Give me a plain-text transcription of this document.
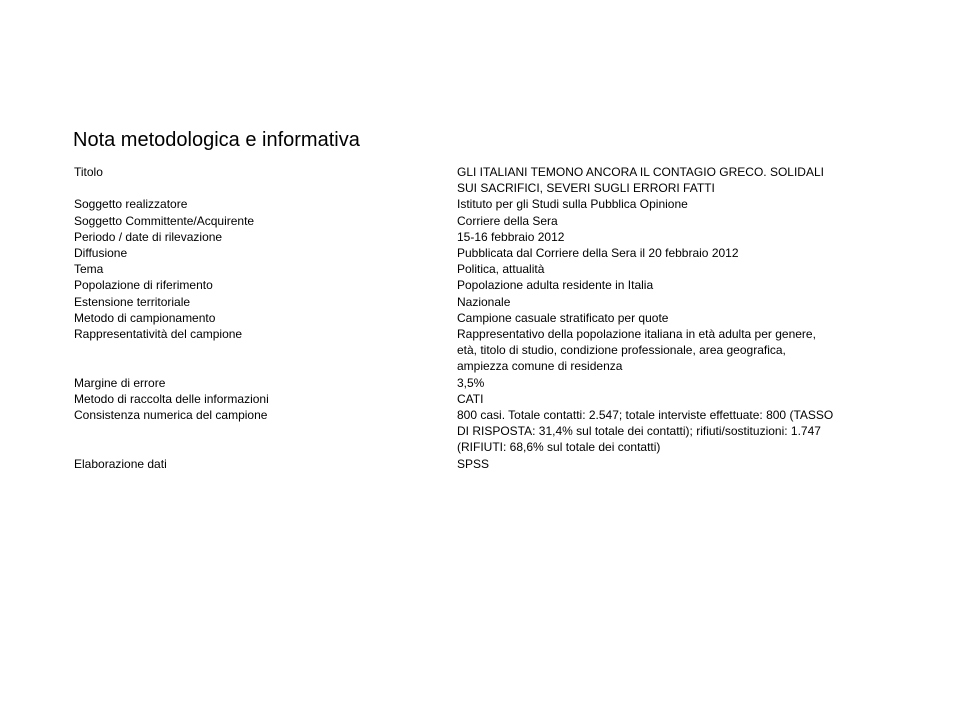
Nota metodologica e informativa
Titolo	GLI ITALIANI TEMONO ANCORA IL CONTAGIO GRECO. SOLIDALI
SUI SACRIFICI, SEVERI SUGLI ERRORI FATTI
Soggetto realizzatore	Istituto per gli Studi sulla Pubblica Opinione
Soggetto Committente/Acquirente	Corriere della Sera
Periodo / date di rilevazione	15-16 febbraio 2012
Diffusione	Pubblicata dal Corriere della Sera il 20 febbraio 2012
Tema	Politica, attualità
Popolazione di riferimento	Popolazione adulta residente in Italia
Estensione territoriale	Nazionale
Metodo di campionamento	Campione casuale stratificato per quote
Rappresentatività del campione	Rappresentativo della popolazione italiana in età adulta per genere,
età, titolo di studio, condizione professionale, area geografica,
ampiezza comune di residenza
Margine di errore	3,5%
Metodo di raccolta delle informazioni	CATI
Consistenza numerica del campione	800 casi. Totale contatti: 2.547; totale interviste effettuate: 800 (TASSO
DI RISPOSTA: 31,4% sul totale dei contatti); rifiuti/sostituzioni: 1.747
(RIFIUTI: 68,6% sul totale dei contatti)
Elaborazione dati	SPSS
